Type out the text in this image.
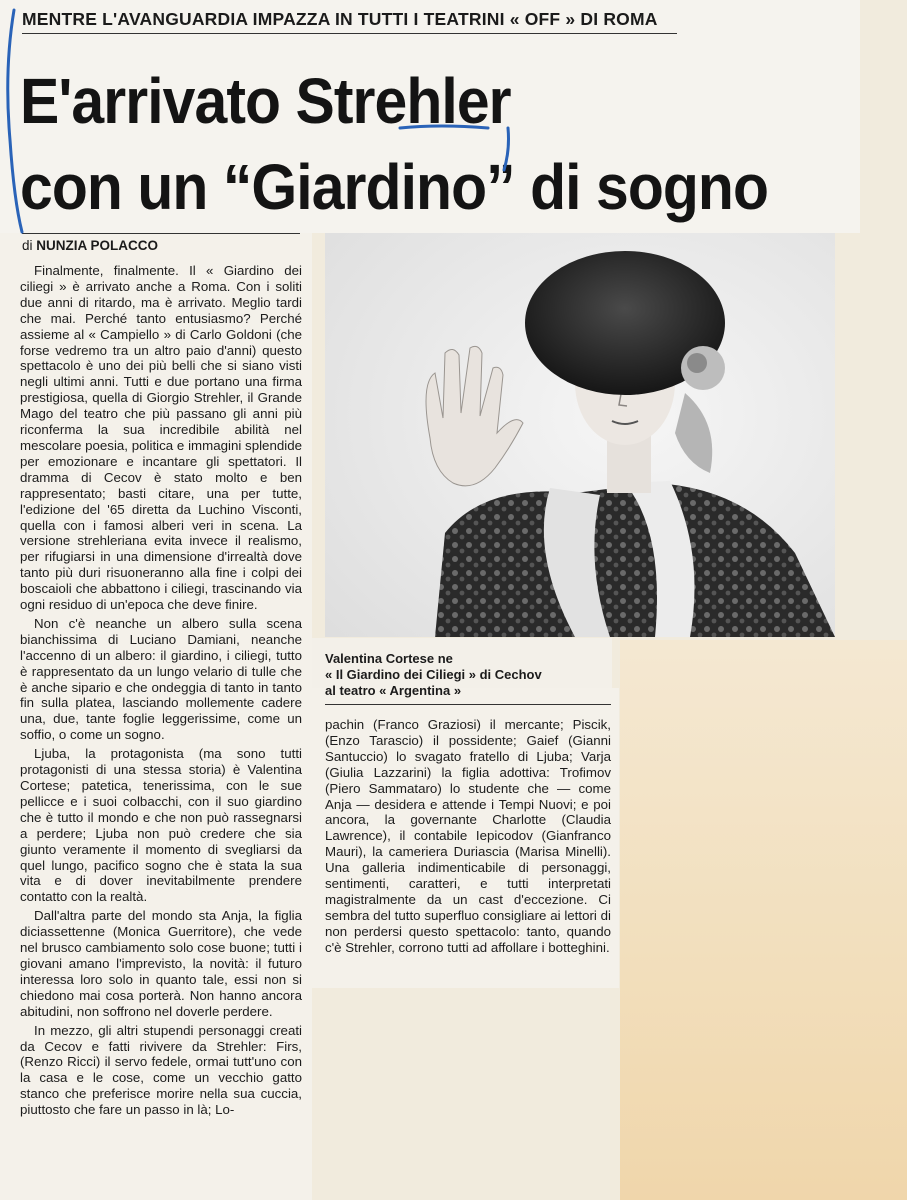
MENTRE L'AVANGUARDIA IMPAZZA IN TUTTI I TEATRINI « OFF » DI ROMA
E'arrivato Strehler
con un “Giardino” di sogno
di NUNZIA POLACCO

Finalmente, finalmente. Il « Giardino dei ciliegi » è arrivato anche a Roma. Con i soliti due anni di ritardo, ma è arrivato. Meglio tardi che mai. Perché tanto entusiasmo? Perché assieme al « Campiello » di Carlo Goldoni (che forse vedremo tra un altro paio d'anni) questo spettacolo è uno dei più belli che si siano visti negli ultimi anni. Tutti e due portano una firma prestigiosa, quella di Giorgio Strehler, il Grande Mago del teatro che più passano gli anni più riconferma la sua incredibile abilità nel mescolare poesia, politica e immagini splendide per emozionare e incantare gli spettatori. Il dramma di Cecov è stato molto e ben rappresentato; basti citare, una per tutte, l'edizione del '65 diretta da Luchino Visconti, quella con i famosi alberi veri in scena. La versione strehleriana evita invece il realismo, per rifugiarsi in una dimensione d'irrealtà dove tanto più duri risuoneranno alla fine i colpi dei boscaioli che abbattono i ciliegi, trascinando via ogni residuo di un'epoca che deve finire.

Non c'è neanche un albero sulla scena bianchissima di Luciano Damiani, neanche l'accenno di un albero: il giardino, i ciliegi, tutto è rappresentato da un lungo velario di tulle che è anche sipario e che ondeggia di tanto in tanto fin sulla platea, lasciando mollemente cadere una, due, tante foglie leggerissime, come un soffio, o come un sogno.

Ljuba, la protagonista (ma sono tutti protagonisti di una stessa storia) è Valentina Cortese; patetica, tenerissima, con le sue pellicce e i suoi colbacchi, con il suo giardino che è tutto il mondo e che non può rassegnarsi a perdere; Ljuba non può credere che sia giunto veramente il momento di svegliarsi da quel lungo, pacifico sogno che è stata la sua vita e di dover inevitabilmente prendere contatto con la realtà.

Dall'altra parte del mondo sta Anja, la figlia diciassettenne (Monica Guerritore), che vede nel brusco cambiamento solo cose buone; tutti i giovani amano l'imprevisto, la novità: il futuro interessa loro solo in quanto tale, essi non si chiedono mai cosa porterà. Non hanno ancora abitudini, non soffrono nel doverle perdere.

In mezzo, gli altri stupendi personaggi creati da Cecov e fatti rivivere da Strehler: Firs, (Renzo Ricci) il servo fedele, ormai tutt'uno con la casa e le cose, come un vecchio gatto stanco che preferisce morire nella sua cuccia, piuttosto che fare un passo in là; Lo-

Valentina Cortese ne
« Il Giardino dei Ciliegi » di Cechov
al teatro « Argentina »

pachin (Franco Graziosi) il mercante; Piscik, (Enzo Tarascio) il possidente; Gaief (Gianni Santuccio) lo svagato fratello di Ljuba; Varja (Giulia Lazzarini) la figlia adottiva: Trofimov (Piero Sammataro) lo studente che — come Anja — desidera e attende i Tempi Nuovi; e poi ancora, la governante Charlotte (Claudia Lawrence), il contabile Iepicodov (Gianfranco Mauri), la cameriera Duriascia (Marisa Minelli). Una galleria indimenticabile di personaggi, sentimenti, caratteri, e tutti interpretati magistralmente da un cast d'eccezione. Ci sembra del tutto superfluo consigliare ai lettori di non perdersi questo spettacolo: tanto, quando c'è Strehler, corrono tutti ad affollare i botteghini.
